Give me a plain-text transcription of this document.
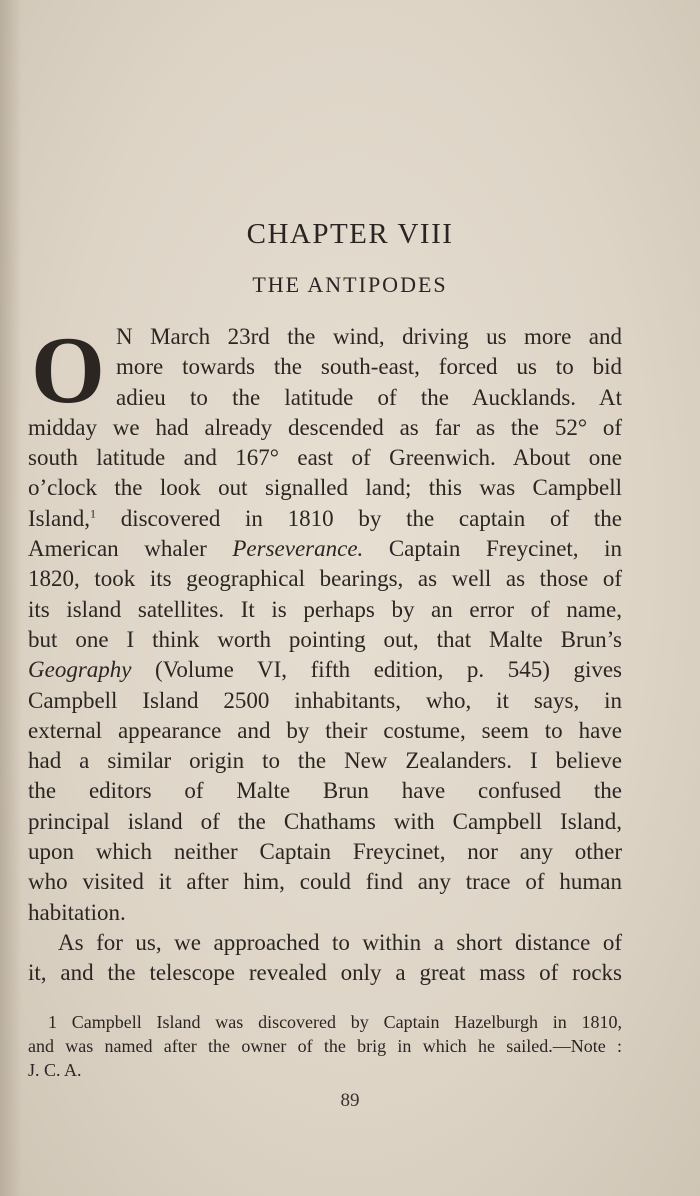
CHAPTER VIII
THE ANTIPODES
O N March 23rd the wind, driving us more and
more towards the south-east, forced us to bid
adieu to the latitude of the Aucklands. At
midday we had already descended as far as the 52° of
south latitude and 167° east of Greenwich. About one
o’clock the look out signalled land; this was Campbell
Island,$^1$ discovered in 1810 by the captain of the
American whaler Perseverance. Captain Freycinet, in
1820, took its geographical bearings, as well as those of
its island satellites. It is perhaps by an error of name,
but one I think worth pointing out, that Malte Brun’s
Geography (Volume VI, fifth edition, p. 545) gives
Campbell Island 2500 inhabitants, who, it says, in
external appearance and by their costume, seem to have
had a similar origin to the New Zealanders. I believe
the editors of Malte Brun have confused the
principal island of the Chathams with Campbell Island,
upon which neither Captain Freycinet, nor any other
who visited it after him, could find any trace of human
habitation.
As for us, we approached to within a short distance of
it, and the telescope revealed only a great mass of rocks
1 Campbell Island was discovered by Captain Hazelburgh in 1810,
and was named after the owner of the brig in which he sailed.—Note :
J. C. A.
89
